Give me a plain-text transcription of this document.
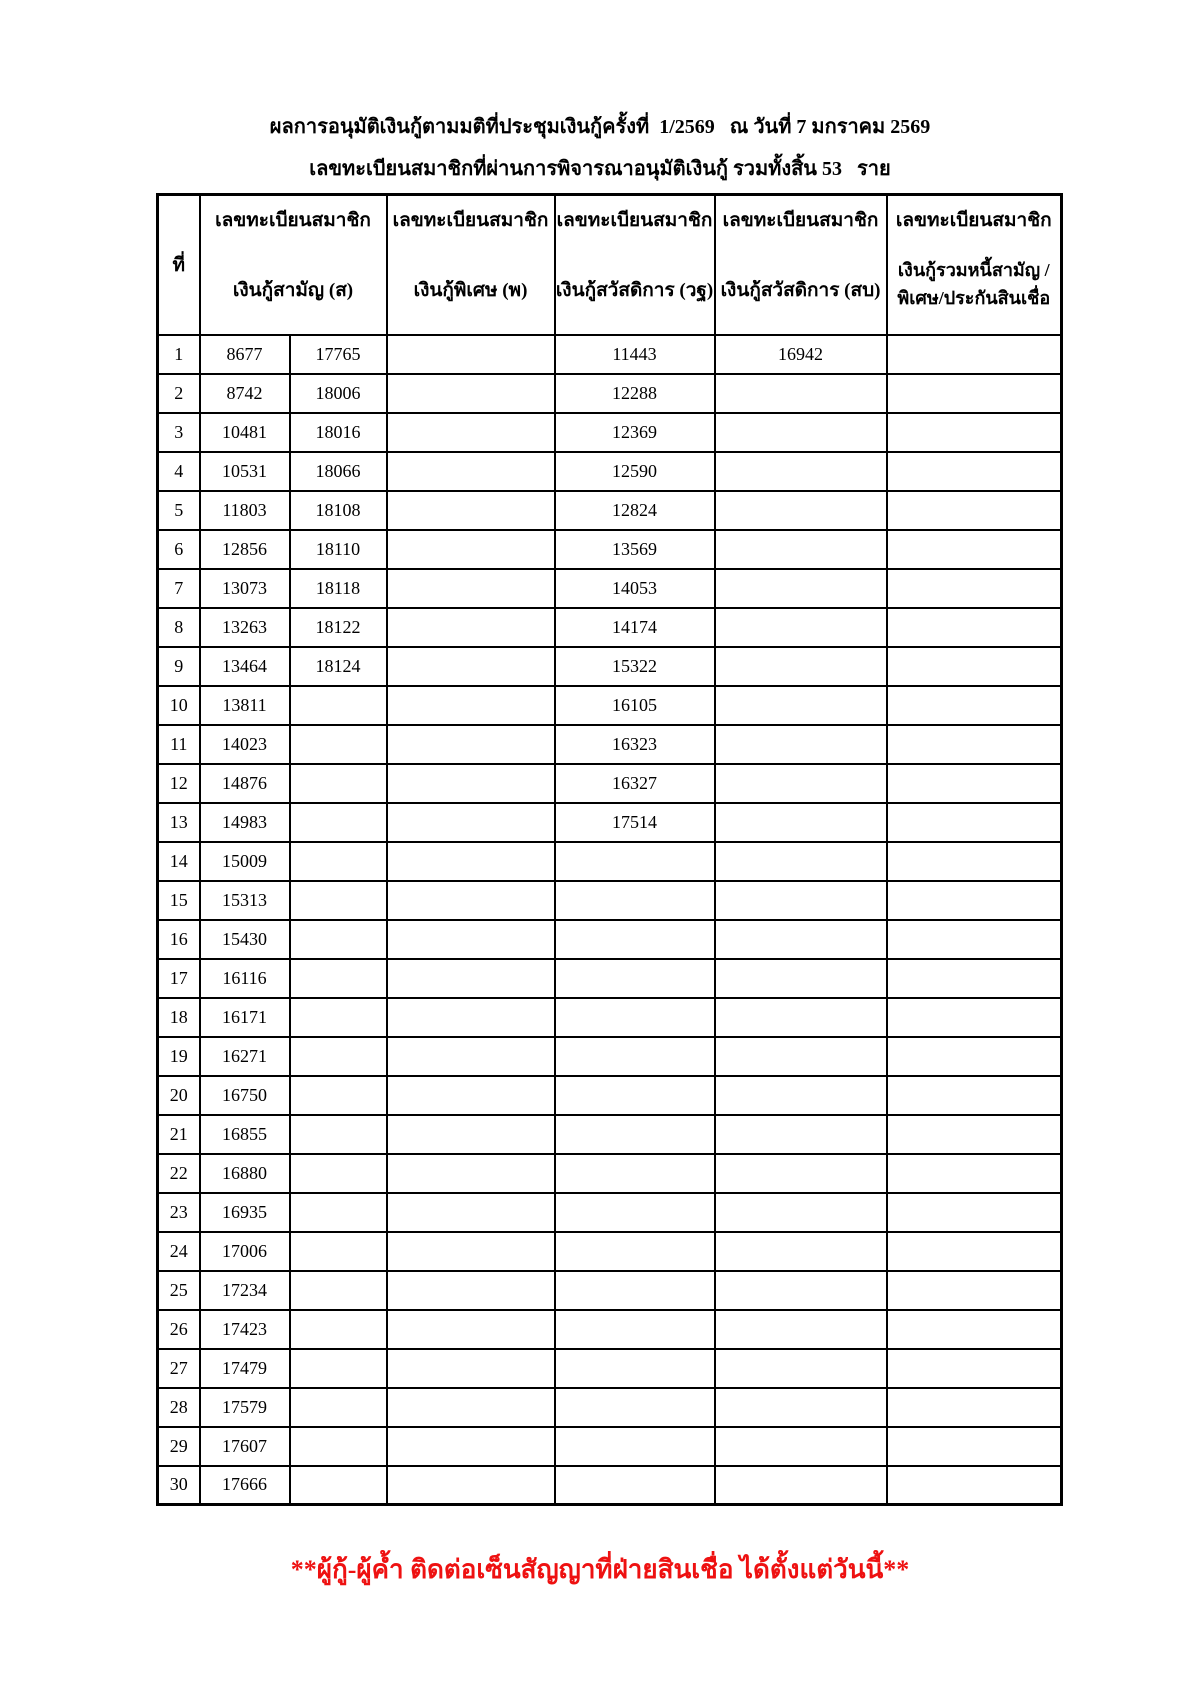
ผลการอนุมัติเงินกู้ตามมติที่ประชุมเงินกู้ครั้งที่  1/2569   ณ วันที่ 7 มกราคม 2569
เลขทะเบียนสมาชิกที่ผ่านการพิจารณาอนุมัติเงินกู้ รวมทั้งสิ้น 53   ราย
ที่	
เลขทะเบียนสมาชิก
เงินกู้สามัญ (ส)

เลขทะเบียนสมาชิก
เงินกู้พิเศษ (พ)

เลขทะเบียนสมาชิก
เงินกู้สวัสดิการ (วฐ)

เลขทะเบียนสมาชิก
เงินกู้สวัสดิการ (สบ)

เลขทะเบียนสมาชิก
เงินกู้รวมหนี้สามัญ /
พิเศษ/ประกันสินเชื่อ

1	8677	17765		11443	16942	
2	8742	18006		12288		
3	10481	18016		12369		
4	10531	18066		12590		
5	11803	18108		12824		
6	12856	18110		13569		
7	13073	18118		14053		
8	13263	18122		14174		
9	13464	18124		15322		
10	13811			16105		
11	14023			16323		
12	14876			16327		
13	14983			17514		
14	15009					
15	15313					
16	15430					
17	16116					
18	16171					
19	16271					
20	16750					
21	16855					
22	16880					
23	16935					
24	17006					
25	17234					
26	17423					
27	17479					
28	17579					
29	17607					
30	17666					
**ผู้กู้-ผู้ค้ำ ติดต่อเซ็นสัญญาที่ฝ่ายสินเชื่อ ได้ตั้งแต่วันนี้**
